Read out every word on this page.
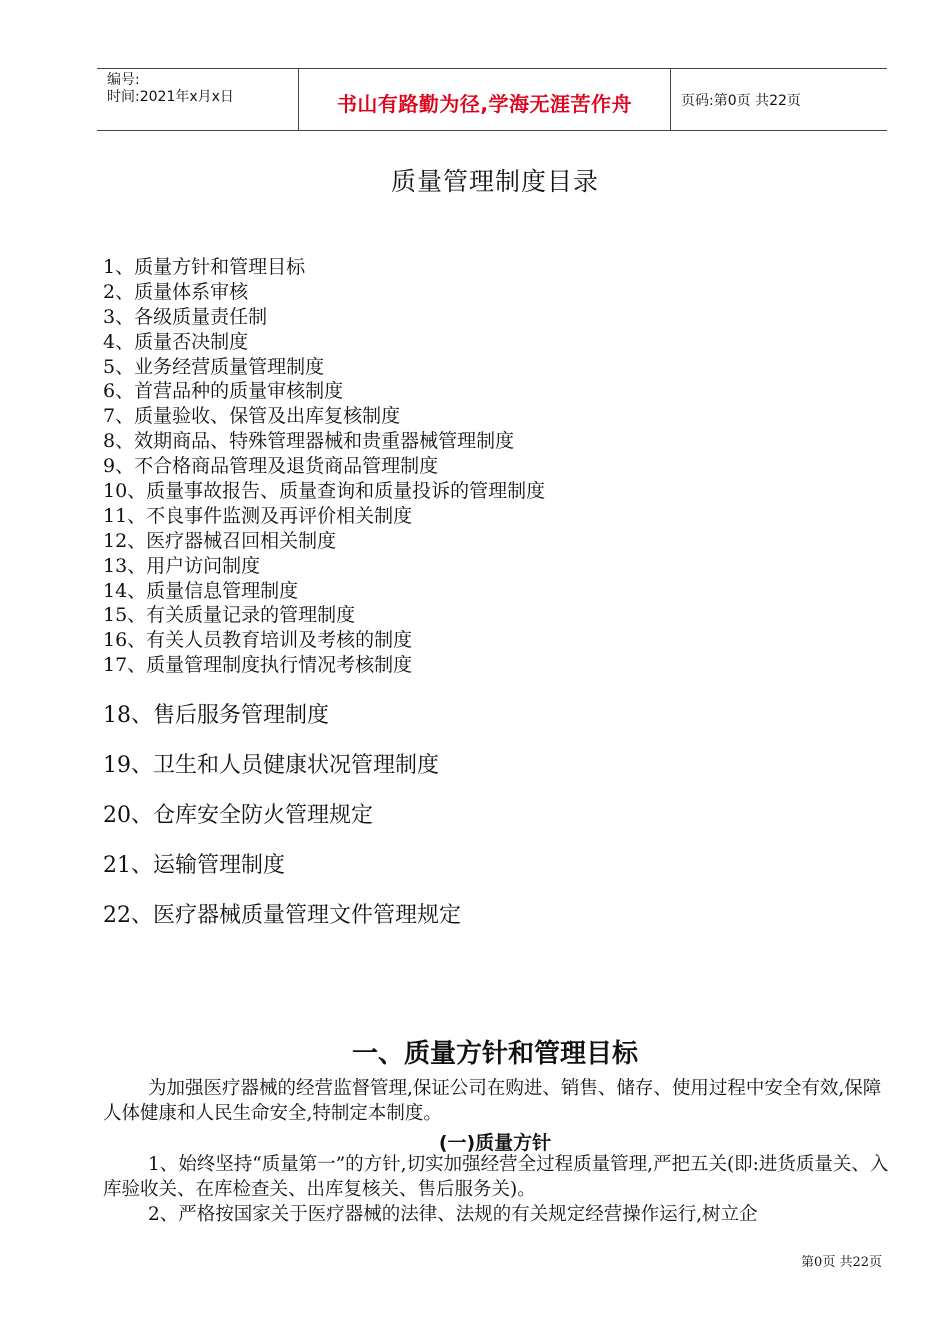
编号:
时间:2021年x月x日	书山有路勤为径,学海无涯苦作舟	页码:第0页 共22页
质量管理制度目录
1、质量方针和管理目标
2、质量体系审核
3、各级质量责任制
4、质量否决制度
5、业务经营质量管理制度
6、首营品种的质量审核制度
7、质量验收、保管及出库复核制度
8、效期商品、特殊管理器械和贵重器械管理制度
9、不合格商品管理及退货商品管理制度
10、质量事故报告、质量查询和质量投诉的管理制度
11、不良事件监测及再评价相关制度
12、医疗器械召回相关制度
13、用户访问制度
14、质量信息管理制度
15、有关质量记录的管理制度
16、有关人员教育培训及考核的制度
17、质量管理制度执行情况考核制度
18、售后服务管理制度
19、卫生和人员健康状况管理制度
20、仓库安全防火管理规定
21、运输管理制度
22、医疗器械质量管理文件管理规定
一、质量方针和管理目标
为加强医疗器械的经营监督管理,保证公司在购进、销售、储存、使用过程中安全有效,保障人体健康和人民生命安全,特制定本制度。
(一)质量方针
1、始终坚持“质量第一”的方针,切实加强经营全过程质量管理,严把五关(即:进货质量关、入库验收关、在库检查关、出库复核关、售后服务关)。
2、严格按国家关于医疗器械的法律、法规的有关规定经营操作运行,树立企
第0页 共22页
